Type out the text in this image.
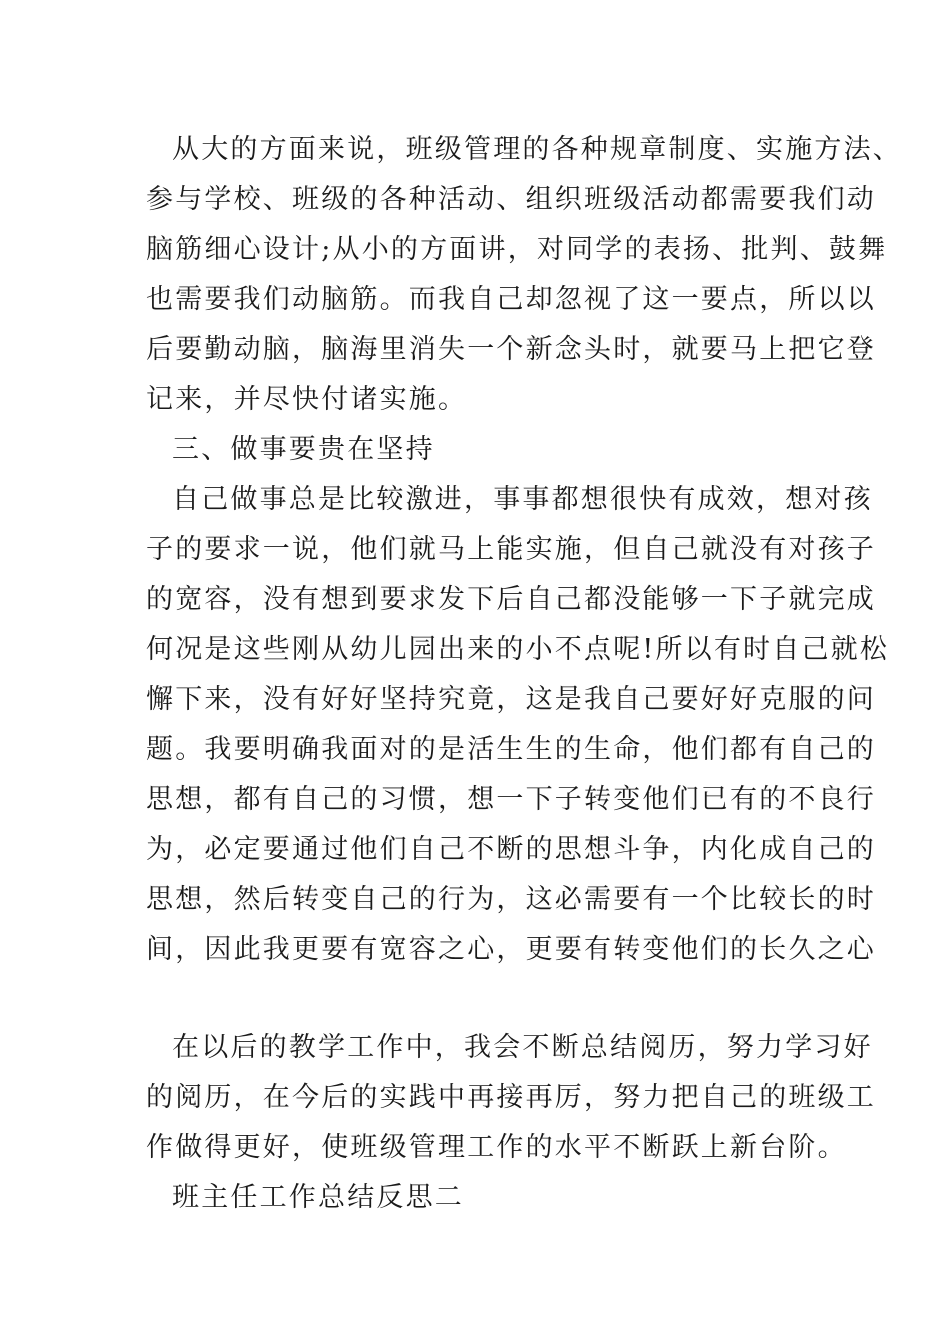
从大的方面来说，班级管理的各种规章制度、实施方法、
参与学校、班级的各种活动、组织班级活动都需要我们动
脑筋细心设计;从小的方面讲，对同学的表扬、批判、鼓舞
也需要我们动脑筋。而我自己却忽视了这一要点，所以以
后要勤动脑，脑海里消失一个新念头时，就要马上把它登
记来，并尽快付诸实施。
三、做事要贵在坚持
自己做事总是比较激进，事事都想很快有成效，想对孩
子的要求一说，他们就马上能实施，但自己就没有对孩子
的宽容，没有想到要求发下后自己都没能够一下子就完成
何况是这些刚从幼儿园出来的小不点呢!所以有时自己就松
懈下来，没有好好坚持究竟，这是我自己要好好克服的问
题。我要明确我面对的是活生生的生命，他们都有自己的
思想，都有自己的习惯，想一下子转变他们已有的不良行
为，必定要通过他们自己不断的思想斗争，内化成自己的
思想，然后转变自己的行为，这必需要有一个比较长的时
间，因此我更要有宽容之心，更要有转变他们的长久之心
在以后的教学工作中，我会不断总结阅历，努力学习好
的阅历，在今后的实践中再接再厉，努力把自己的班级工
作做得更好，使班级管理工作的水平不断跃上新台阶。
班主任工作总结反思二
